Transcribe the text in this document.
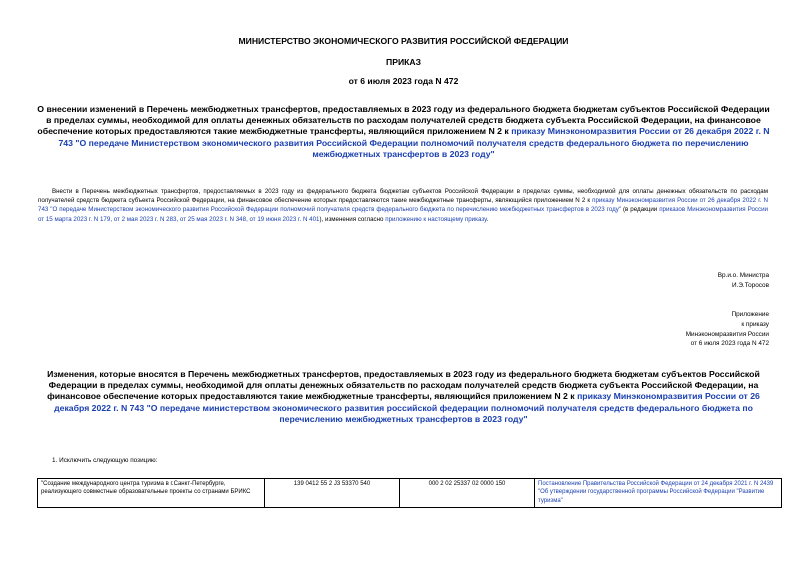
МИНИСТЕРСТВО ЭКОНОМИЧЕСКОГО РАЗВИТИЯ РОССИЙСКОЙ ФЕДЕРАЦИИ
ПРИКАЗ
от 6 июля 2023 года N 472
О внесении изменений в Перечень межбюджетных трансфертов, предоставляемых в 2023 году из федерального бюджета бюджетам субъектов Российской Федерации в пределах суммы, необходимой для оплаты денежных обязательств по расходам получателей средств бюджета субъекта Российской Федерации, на финансовое обеспечение которых предоставляются такие межбюджетные трансферты, являющийся приложением N 2 к приказу Минэкономразвития России от 26 декабря 2022 г. N 743 "О передаче Министерством экономического развития Российской Федерации полномочий получателя средств федерального бюджета по перечислению межбюджетных трансфертов в 2023 году"
Внести в Перечень межбюджетных трансфертов, предоставляемых в 2023 году из федерального бюджета бюджетам субъектов Российской Федерации в пределах суммы, необходимой для оплаты денежных обязательств по расходам получателей средств бюджета субъекта Российской Федерации, на финансовое обеспечение которых предоставляются такие межбюджетные трансферты, являющийся приложением N 2 к приказу Минэкономразвития России от 26 декабря 2022 г. N 743 "О передаче Министерством экономического развития Российской Федерации полномочий получателя средств федерального бюджета по перечислению межбюджетных трансфертов в 2023 году" (в редакции приказов Минэкономразвития России от 15 марта 2023 г. N 179, от 2 мая 2023 г. N 283, от 25 мая 2023 г. N 348, от 19 июня 2023 г. N 401), изменения согласно приложению к настоящему приказу.
Вр.и.о. Министра
И.Э.Торосов
Приложение
к приказу
Минэкономразвития России
от 6 июля 2023 года N 472
Изменения, которые вносятся в Перечень межбюджетных трансфертов, предоставляемых в 2023 году из федерального бюджета бюджетам субъектов Российской Федерации в пределах суммы, необходимой для оплаты денежных обязательств по расходам получателей средств бюджета субъекта Российской Федерации, на финансовое обеспечение которых предоставляются такие межбюджетные трансферты, являющийся приложением N 2 к приказу Минэкономразвития России от 26 декабря 2022 г. N 743 "О передаче министерством экономического развития российской федерации полномочий получателя средств федерального бюджета по перечислению межбюджетных трансфертов в 2023 году"
1. Исключить следующую позицию:
"Создание международного центра туризма в г.Санкт-Петербурге, реализующего совместные образовательные проекты со странами БРИКС	139 0412 55 2 J3 53370 540	000 2 02 25337 02 0000 150	Постановление Правительства Российской Федерации от 24 декабря 2021 г. N 2439 "Об утверждении государственной программы Российской Федерации "Развитие туризма"
